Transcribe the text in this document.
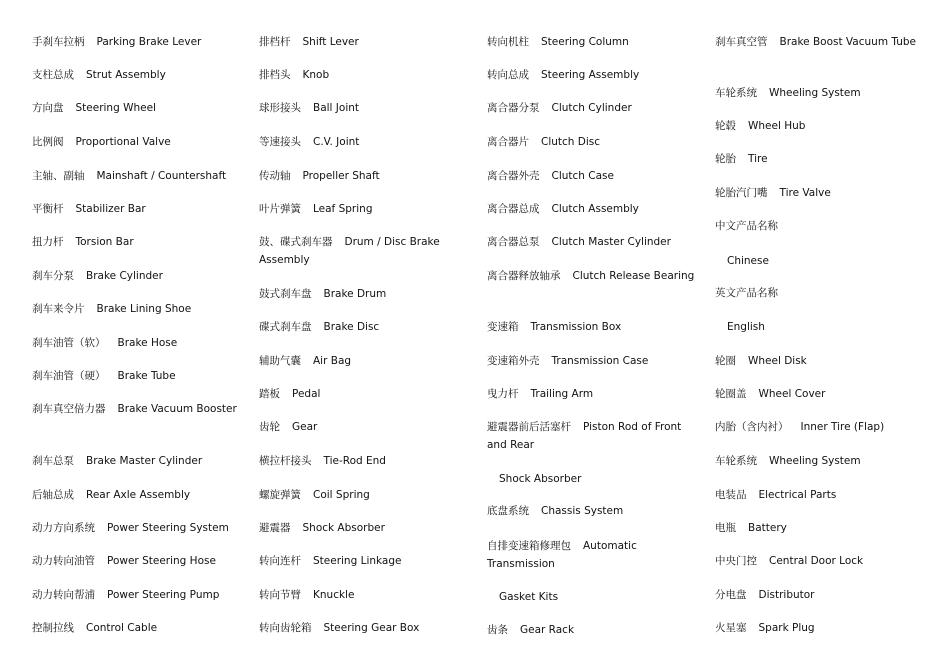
手刹车拉柄 Parking Brake Lever
支柱总成 Strut Assembly
方向盘 Steering Wheel
比例阀 Proportional Valve
主轴、副轴 Mainshaft / Countershaft
平衡杆 Stabilizer Bar
扭力杆 Torsion Bar
刹车分泵 Brake Cylinder
刹车来令片 Brake Lining Shoe
刹车油管（软） Brake Hose
刹车油管（硬） Brake Tube
刹车真空倍力器 Brake Vacuum Booster
刹车总泵 Brake Master Cylinder
后轴总成 Rear Axle Assembly
动力方向系统 Power Steering System
动力转向油管 Power Steering Hose
动力转向帮浦 Power Steering Pump
控制拉线 Control Cable
排档杆 Shift Lever
排档头 Knob
球形接头 Ball Joint
等速接头 C.V. Joint
传动轴 Propeller Shaft
叶片弹簧 Leaf Spring
鼓、碟式刹车器 Drum / Disc Brake Assembly
鼓式刹车盘 Brake Drum
碟式刹车盘 Brake Disc
辅助气囊 Air Bag
踏板 Pedal
齿轮 Gear
横拉杆接头 Tie-Rod End
螺旋弹簧 Coil Spring
避震器 Shock Absorber
转向连杆 Steering Linkage
转向节臂 Knuckle
转向齿轮箱 Steering Gear Box
转向机柱 Steering Column
转向总成 Steering Assembly
离合器分泵 Clutch Cylinder
离合器片 Clutch Disc
离合器外壳 Clutch Case
离合器总成 Clutch Assembly
离合器总泵 Clutch Master Cylinder
离合器释放轴承 Clutch Release Bearing
变速箱 Transmission Box
变速箱外壳 Transmission Case
曳力杆 Trailing Arm
避震器前后活塞杆 Piston Rod of Front and Rear
Shock Absorber
底盘系统 Chassis System
自排变速箱修理包 Automatic Transmission
Gasket Kits
齿条 Gear Rack
刹车真空管 Brake Boost Vacuum Tube
车轮系统 Wheeling System
轮毂 Wheel Hub
轮胎 Tire
轮胎汽门嘴 Tire Valve
中文产品名称
Chinese
英文产品名称
English
轮圈 Wheel Disk
轮圈盖 Wheel Cover
内胎（含内衬） Inner Tire (Flap)
车轮系统 Wheeling System
电装品 Electrical Parts
电瓶 Battery
中央门控 Central Door Lock
分电盘 Distributor
火星塞 Spark Plug
